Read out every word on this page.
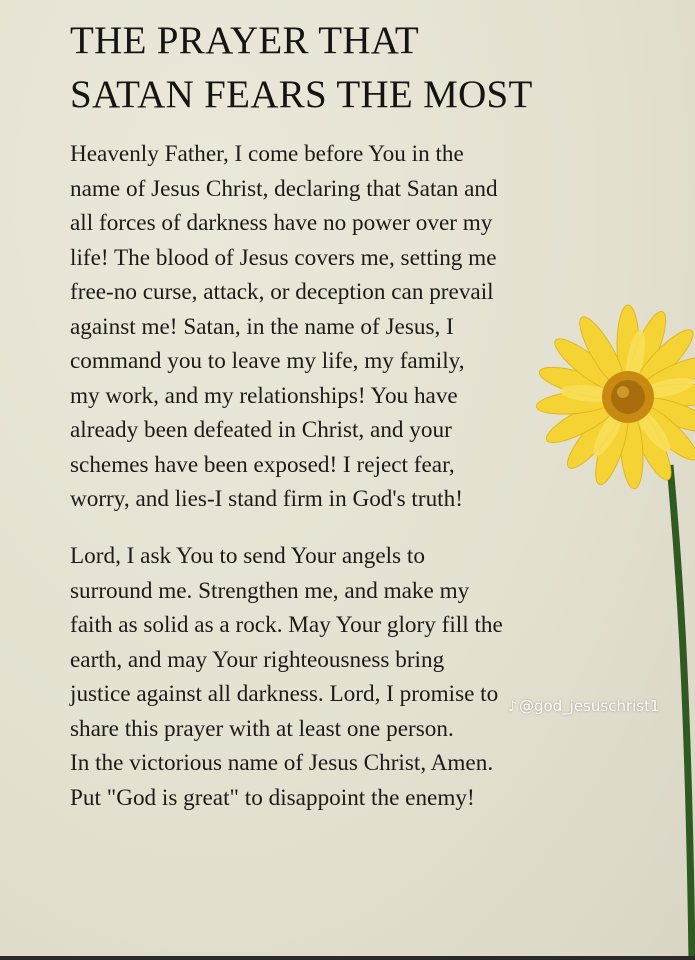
THE PRAYER THAT
SATAN FEARS THE MOST

Heavenly Father, I come before You in the
name of Jesus Christ, declaring that Satan and
all forces of darkness have no power over my
life! The blood of Jesus covers me, setting me
free-no curse, attack, or deception can prevail
against me! Satan, in the name of Jesus, I
command you to leave my life, my family,
my work, and my relationships! You have
already been defeated in Christ, and your
schemes have been exposed! I reject fear,
worry, and lies-I stand firm in God's truth!

Lord, I ask You to send Your angels to
surround me. Strengthen me, and make my
faith as solid as a rock. May Your glory fill the
earth, and may Your righteousness bring
justice against all darkness. Lord, I promise to
share this prayer with at least one person.
In the victorious name of Jesus Christ, Amen.
Put "God is great" to disappoint the enemy!

♪ @god_jesuschrist1
